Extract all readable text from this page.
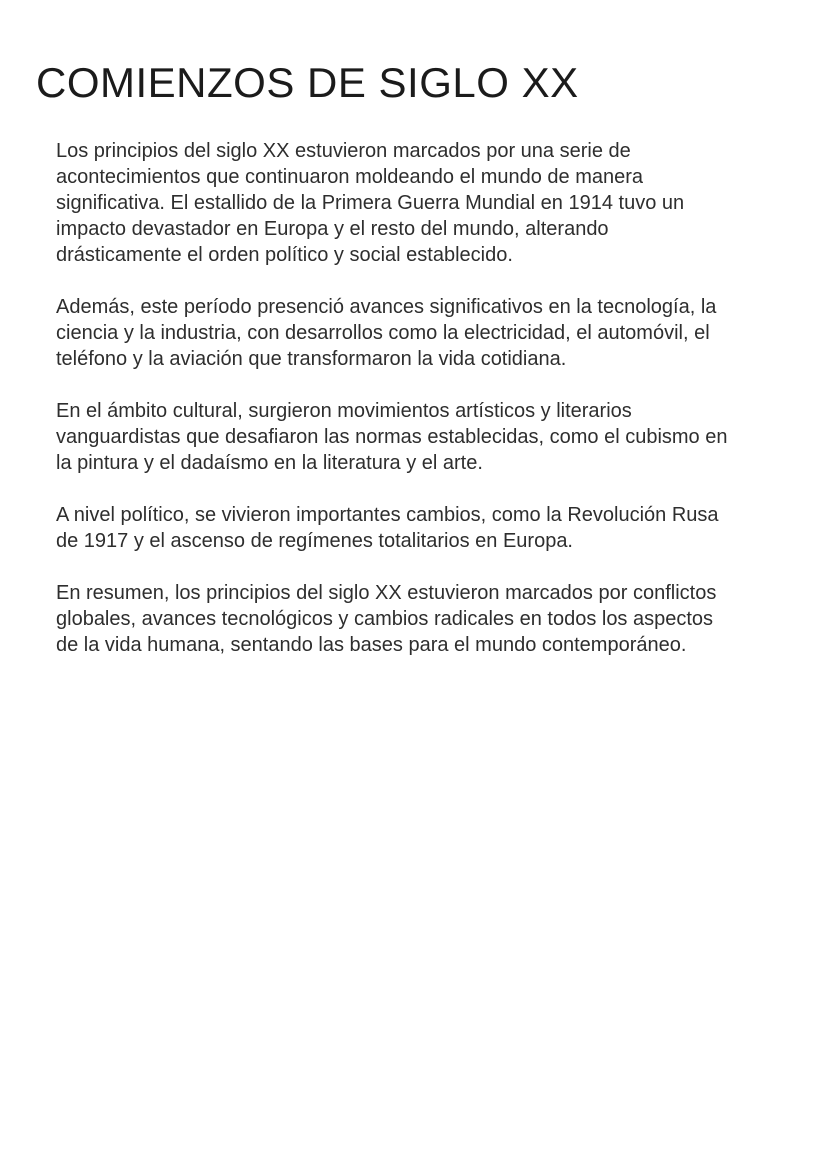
COMIENZOS DE SIGLO XX

Los principios del siglo XX estuvieron marcados por una serie de acontecimientos que continuaron moldeando el mundo de manera significativa. El estallido de la Primera Guerra Mundial en 1914 tuvo un impacto devastador en Europa y el resto del mundo, alterando drásticamente el orden político y social establecido.

Además, este período presenció avances significativos en la tecnología, la ciencia y la industria, con desarrollos como la electricidad, el automóvil, el teléfono y la aviación que transformaron la vida cotidiana.

En el ámbito cultural, surgieron movimientos artísticos y literarios vanguardistas que desafiaron las normas establecidas, como el cubismo en la pintura y el dadaísmo en la literatura y el arte.

A nivel político, se vivieron importantes cambios, como la Revolución Rusa de 1917 y el ascenso de regímenes totalitarios en Europa.

En resumen, los principios del siglo XX estuvieron marcados por conflictos globales, avances tecnológicos y cambios radicales en todos los aspectos de la vida humana, sentando las bases para el mundo contemporáneo.
